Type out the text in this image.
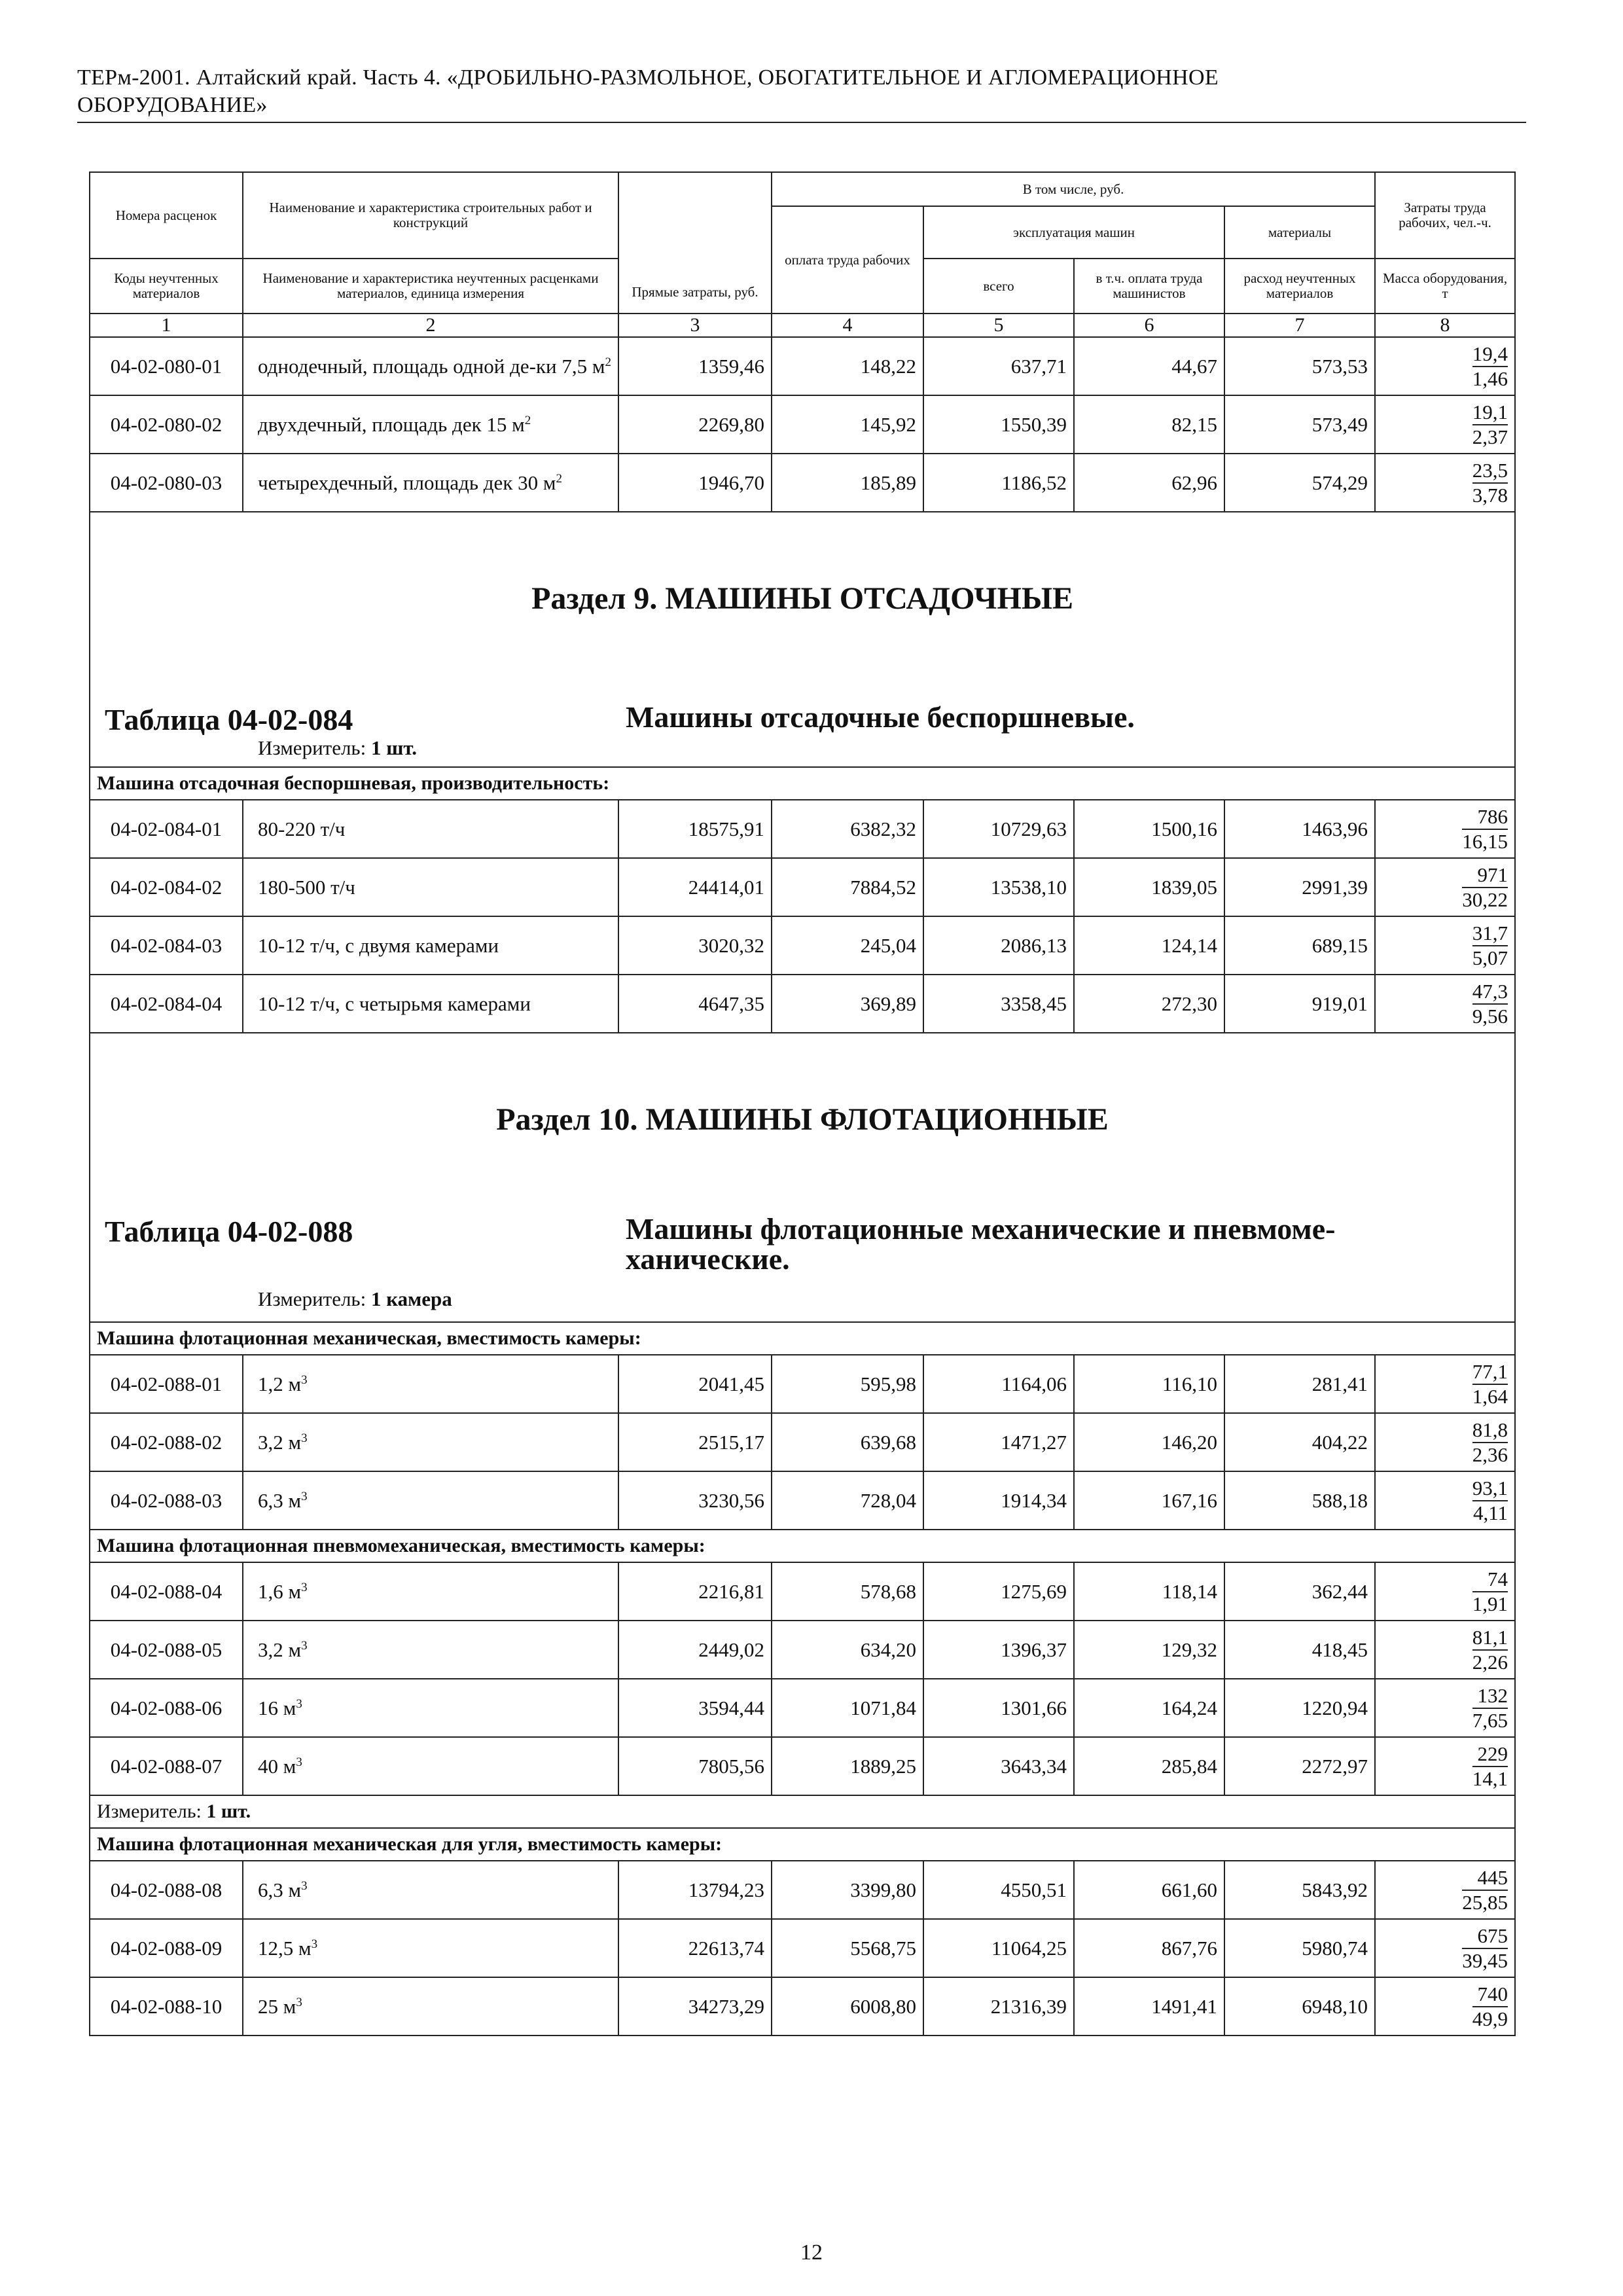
ТЕРм-2001. Алтайский край. Часть 4. «ДРОБИЛЬНО-РАЗМОЛЬНОЕ, ОБОГАТИТЕЛЬНОЕ И АГЛОМЕРАЦИОННОЕ
ОБОРУДОВАНИЕ»
Номера расценок	Наименование и характеристика строительных работ и конструкций	Прямые затраты, руб.	В том числе, руб.				Затраты труда рабочих, чел.-ч.
			оплата труда рабочих	эксплуатация машин		материалы	
Коды неучтенных материалов	Наименование и характеристика неучтенных расценками материалов, единица измерения			всего	в т.ч. оплата труда машинистов	расход неучтенных материалов	Масса оборудования, т
1	2	3	4	5	6	7	8
04-02-080-01	однодечный, площадь одной де-ки 7,5 $м^2$	1359,46	148,22	637,71	44,67	573,53	$\frac{19,4}{1,46}$

04-02-080-02	двухдечный, площадь дек 15 $м^2$	2269,80	145,92	1550,39	82,15	573,49	$\frac{19,1}{2,37}$

04-02-080-03	четырехдечный, площадь дек 30 $м^2$	1946,70	185,89	1186,52	62,96	574,29	$\frac{23,5}{3,78}$

Раздел 9. МАШИНЫ ОТСАДОЧНЫЕ
Таблица 04-02-084 Машины отсадочные беспоршневые.
Измеритель: 1 шт.							

Машина отсадочная беспоршневая, производительность:							
04-02-084-01	80-220 т/ч	18575,91	6382,32	10729,63	1500,16	1463,96	$\frac{786}{16,15}$

04-02-084-02	180-500 т/ч	24414,01	7884,52	13538,10	1839,05	2991,39	$\frac{971}{30,22}$

04-02-084-03	10-12 т/ч, с двумя камерами	3020,32	245,04	2086,13	124,14	689,15	$\frac{31,7}{5,07}$

04-02-084-04	10-12 т/ч, с четырьмя камерами	4647,35	369,89	3358,45	272,30	919,01	$\frac{47,3}{9,56}$

Раздел 10. МАШИНЫ ФЛОТАЦИОННЫЕ
Таблица 04-02-088 Машины флотационные механические и пневмоме-
ханические.
Измеритель: 1 камера							

Машина флотационная механическая, вместимость камеры:							
04-02-088-01	1,2 $м^3$	2041,45	595,98	1164,06	116,10	281,41	$\frac{77,1}{1,64}$

04-02-088-02	3,2 $м^3$	2515,17	639,68	1471,27	146,20	404,22	$\frac{81,8}{2,36}$

04-02-088-03	6,3 $м^3$	3230,56	728,04	1914,34	167,16	588,18	$\frac{93,1}{4,11}$

Машина флотационная пневмомеханическая, вместимость камеры:							
04-02-088-04	1,6 $м^3$	2216,81	578,68	1275,69	118,14	362,44	$\frac{74}{1,91}$

04-02-088-05	3,2 $м^3$	2449,02	634,20	1396,37	129,32	418,45	$\frac{81,1}{2,26}$

04-02-088-06	16 $м^3$	3594,44	1071,84	1301,66	164,24	1220,94	$\frac{132}{7,65}$

04-02-088-07	40 $м^3$	7805,56	1889,25	3643,34	285,84	2272,97	$\frac{229}{14,1}$

Измеритель: 1 шт.							
Машина флотационная механическая для угля, вместимость камеры:							
04-02-088-08	6,3 $м^3$	13794,23	3399,80	4550,51	661,60	5843,92	$\frac{445}{25,85}$

04-02-088-09	12,5 $м^3$	22613,74	5568,75	11064,25	867,76	5980,74	$\frac{675}{39,45}$

04-02-088-10	25 $м^3$	34273,29	6008,80	21316,39	1491,41	6948,10	$\frac{740}{49,9}$
12
